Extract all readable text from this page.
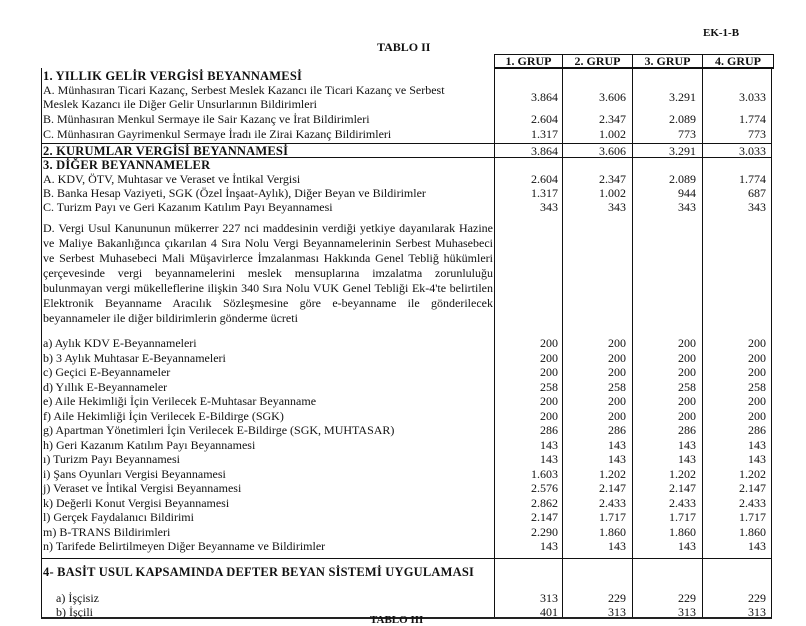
EK-1-B
TABLO II
1. GRUP	2. GRUP	3. GRUP	4. GRUP
1. YILLIK GELİR VERGİSİ BEYANNAMESİ
A. Münhasıran Ticari Kazanç, Serbest Meslek Kazancı ile Ticari Kazanç ve Serbest
Meslek Kazancı ile Diğer Gelir Unsurlarının Bildirimleri	3.864	3.606	3.291	3.033
B. Münhasıran Menkul Sermaye ile Sair Kazanç ve İrat Bildirimleri	2.604	2.347	2.089	1.774
C. Münhasıran Gayrimenkul Sermaye İradı ile Zirai Kazanç Bildirimleri	1.317	1.002	773	773
2. KURUMLAR VERGİSİ BEYANNAMESİ	3.864	3.606	3.291	3.033
3. DİĞER BEYANNAMELER
A. KDV, ÖTV, Muhtasar ve Veraset ve İntikal Vergisi	2.604	2.347	2.089	1.774
B. Banka Hesap Vaziyeti, SGK (Özel İnşaat-Aylık), Diğer Beyan ve Bildirimler	1.317	1.002	944	687
C. Turizm Payı ve Geri Kazanım Katılım Payı Beyannamesi	343	343	343	343
D. Vergi Usul Kanununun mükerrer 227 nci maddesinin verdiği yetkiye dayanılarak Hazine ve Maliye Bakanlığınca çıkarılan 4 Sıra Nolu Vergi Beyannamelerinin Serbest Muhasebeci ve Serbest Muhasebeci Mali Müşavirlerce İmzalanması Hakkında Genel Tebliğ hükümleri çerçevesinde vergi beyannamelerini meslek mensuplarına imzalatma zorunluluğu bulunmayan vergi mükelleflerine ilişkin 340 Sıra Nolu VUK Genel Tebliği Ek-4'te belirtilen Elektronik Beyanname Aracılık Sözleşmesine göre e-beyanname ile gönderilecek beyannameler ile diğer bildirimlerin gönderme ücreti
a) Aylık KDV E-Beyannameleri	200	200	200	200
b) 3 Aylık Muhtasar E-Beyannameleri	200	200	200	200
c) Geçici E-Beyannameler	200	200	200	200
d) Yıllık E-Beyannameler	258	258	258	258
e) Aile Hekimliği İçin Verilecek E-Muhtasar Beyanname	200	200	200	200
f) Aile Hekimliği İçin Verilecek E-Bildirge (SGK)	200	200	200	200
g) Apartman Yönetimleri İçin Verilecek E-Bildirge (SGK, MUHTASAR)	286	286	286	286
h) Geri Kazanım Katılım Payı Beyannamesi	143	143	143	143
ı) Turizm Payı Beyannamesi	143	143	143	143
i) Şans Oyunları Vergisi Beyannamesi	1.603	1.202	1.202	1.202
j) Veraset ve İntikal Vergisi Beyannamesi	2.576	2.147	2.147	2.147
k) Değerli Konut Vergisi Beyannamesi	2.862	2.433	2.433	2.433
l) Gerçek Faydalanıcı Bildirimi	2.147	1.717	1.717	1.717
m) B-TRANS Bildirimleri	2.290	1.860	1.860	1.860
n) Tarifede Belirtilmeyen Diğer Beyanname ve Bildirimler	143	143	143	143
4- BASİT USUL KAPSAMINDA DEFTER BEYAN SİSTEMİ UYGULAMASI
a) İşçisiz	313	229	229	229
b) İşçili	401	313	313	313
TABLO III
